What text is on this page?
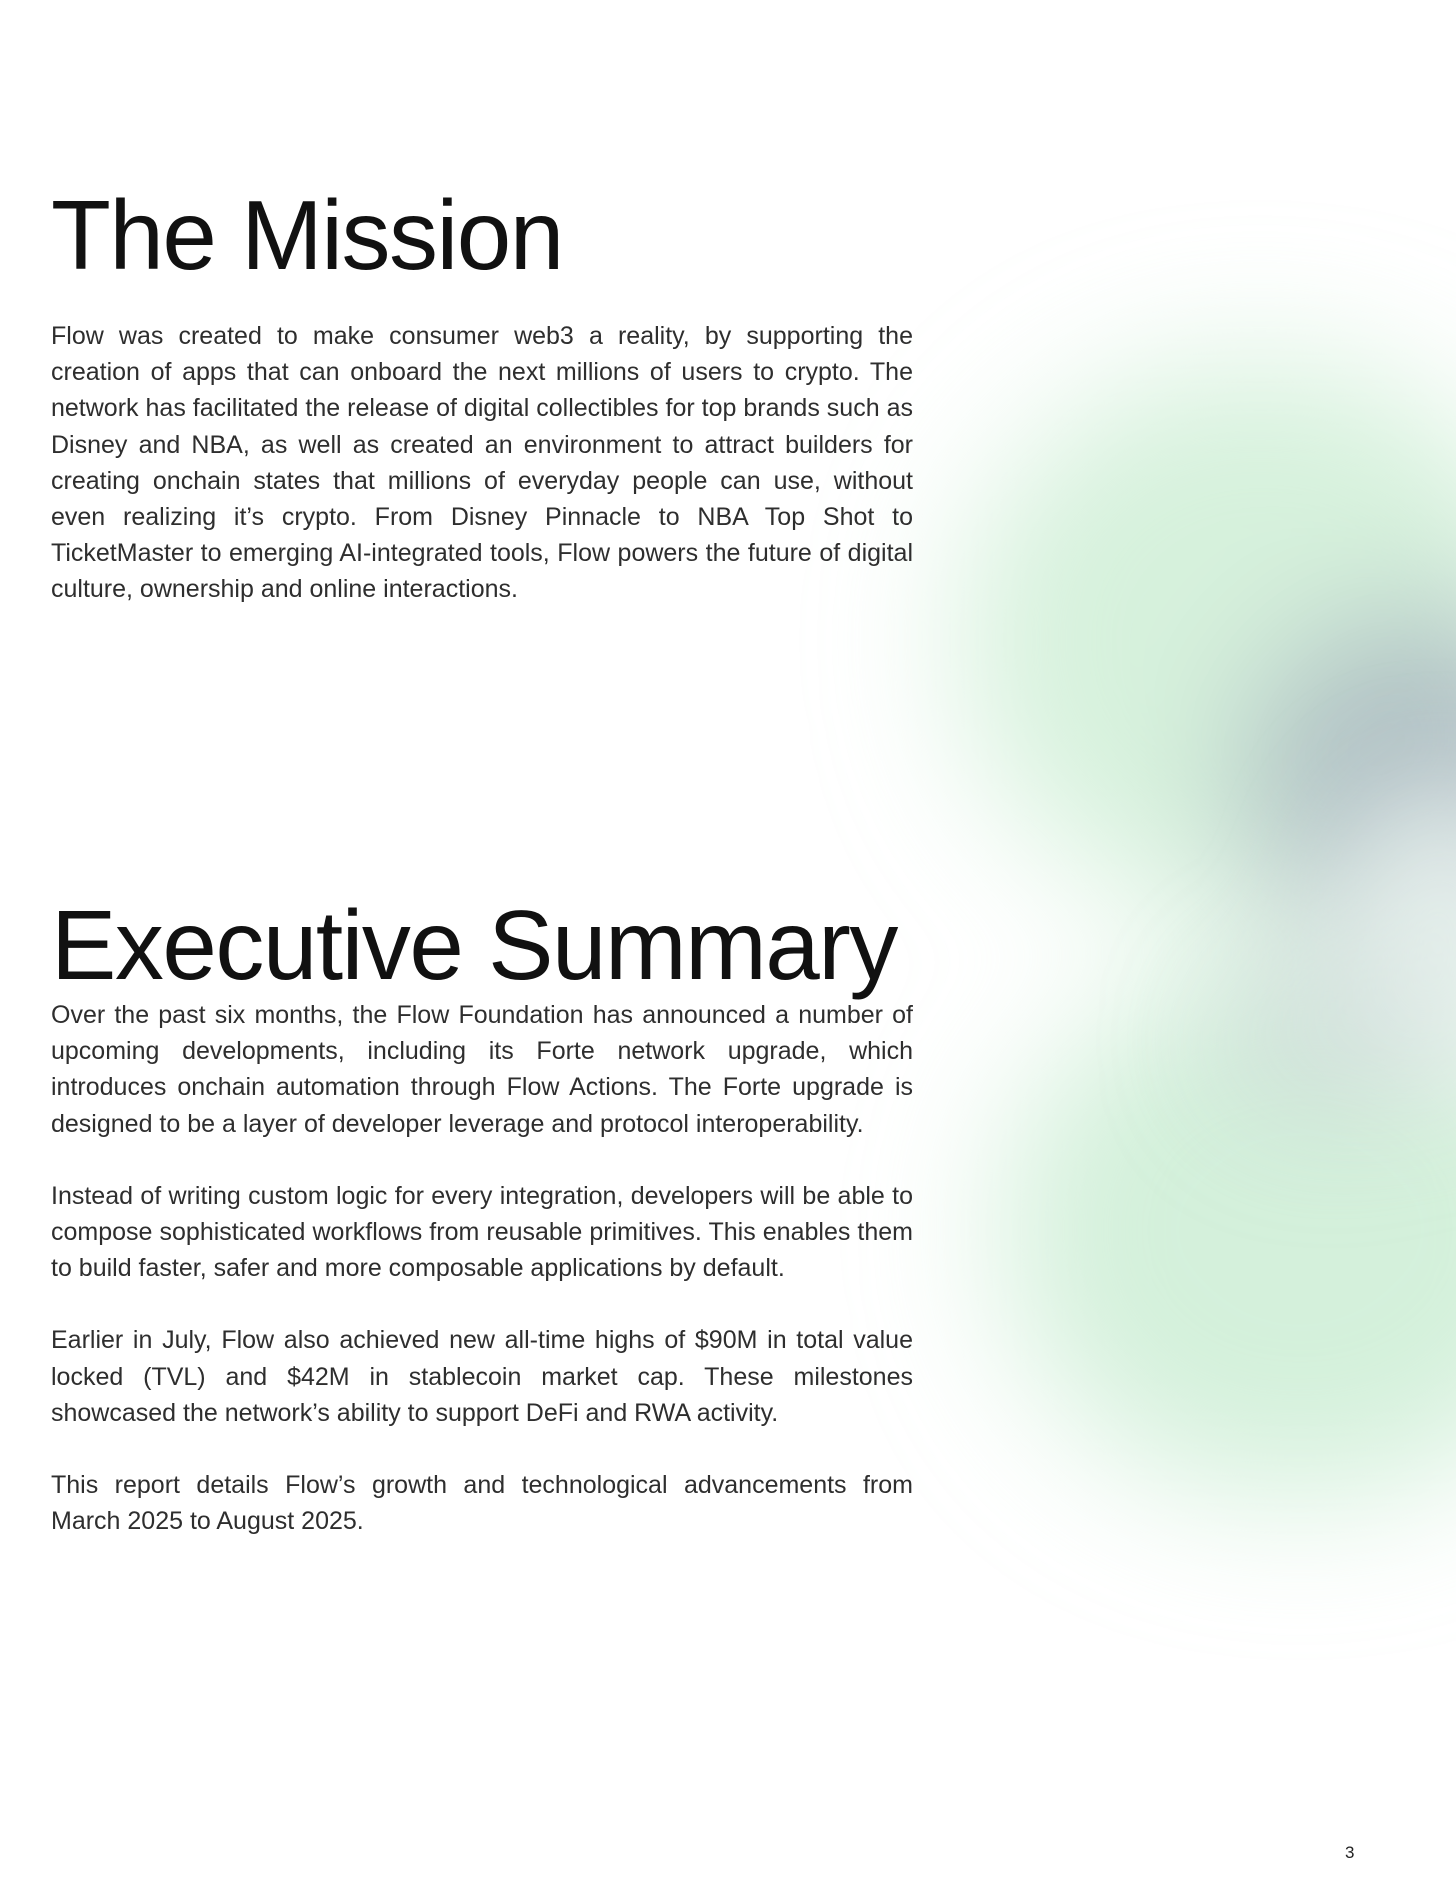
The Mission

Flow was created to make consumer web3 a reality, by supporting the creation of apps that can onboard the next millions of users to crypto. The network has facilitated the release of digital collectibles for top brands such as Disney and NBA, as well as created an environment to attract builders for creating onchain states that millions of everyday people can use, without even realizing it’s crypto. From Disney Pinnacle to NBA Top Shot to TicketMaster to emerging AI-integrated tools, Flow powers the future of digital culture, ownership and online interactions.

Executive Summary

Over the past six months, the Flow Foundation has announced a number of upcoming developments, including its Forte network upgrade, which introduces onchain automation through Flow Actions. The Forte upgrade is designed to be a layer of developer leverage and protocol interoperability.

Instead of writing custom logic for every integration, developers will be able to compose sophisticated workflows from reusable primitives. This enables them to build faster, safer and more composable applications by default.

Earlier in July, Flow also achieved new all-time highs of $90M in total value locked (TVL) and $42M in stablecoin market cap. These milestones showcased the network’s ability to support DeFi and RWA activity.

This report details Flow’s growth and technological advancements from March 2025 to August 2025.

3
